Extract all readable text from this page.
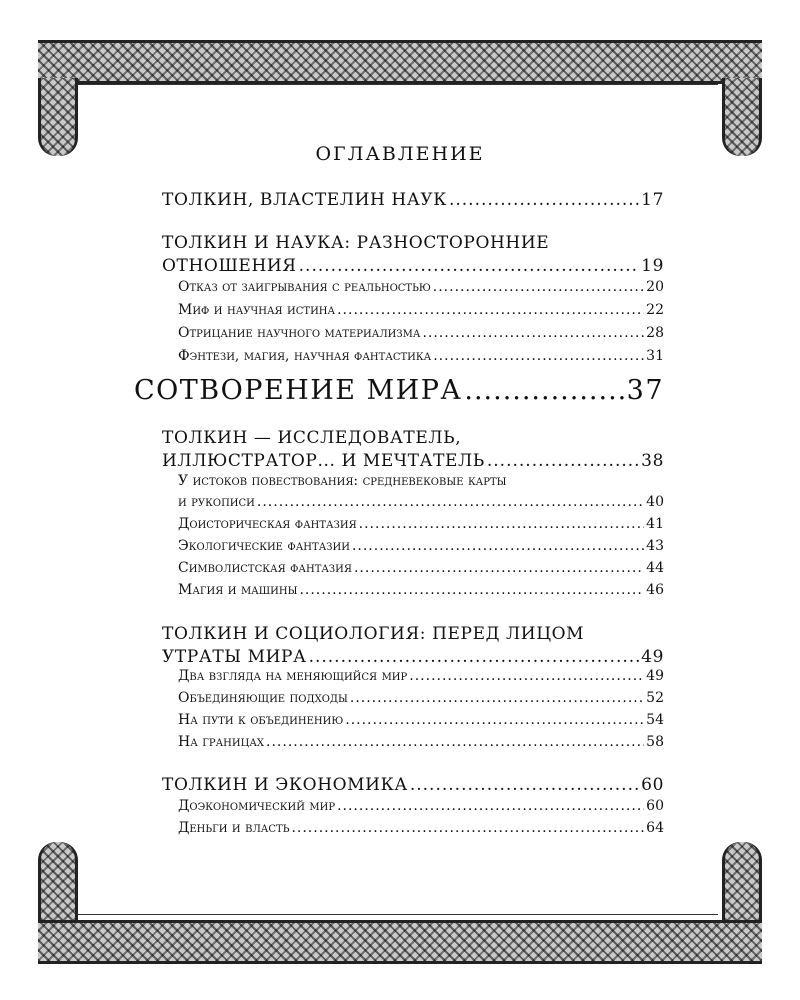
оглавление
ТОЛКИН, ВЛАСТЕЛИН НАУК .....	17
ТОЛКИН И НАУКА: РАЗНОСТОРОННИЕ
ОТНОШЕНИЯ .....	19
Отказ от заигрывания с реальностью .....	20
Миф и научная истина .....	22
Отрицание научного материализма .....	28
Фэнтези, магия, научная фантастика .....	31
СОТВОРЕНИЕ МИРА .....	37
ТОЛКИН — ИССЛЕДОВАТЕЛЬ,
ИЛЛЮСТРАТОР... И МЕЧТАТЕЛЬ .....	38
У истоков повествования: средневековые карты
и рукописи .....	40
Доисторическая фантазия .....	41
Экологические фантазии .....	43
Символистская фантазия .....	44
Магия и машины .....	46
ТОЛКИН И СОЦИОЛОГИЯ: ПЕРЕД ЛИЦОМ
УТРАТЫ МИРА .....	49
Два взгляда на меняющийся мир .....	49
Объединяющие подходы .....	52
На пути к объединению .....	54
На границах .....	58
ТОЛКИН И ЭКОНОМИКА .....	60
Доэкономический мир .....	60
Деньги и власть .....	64
